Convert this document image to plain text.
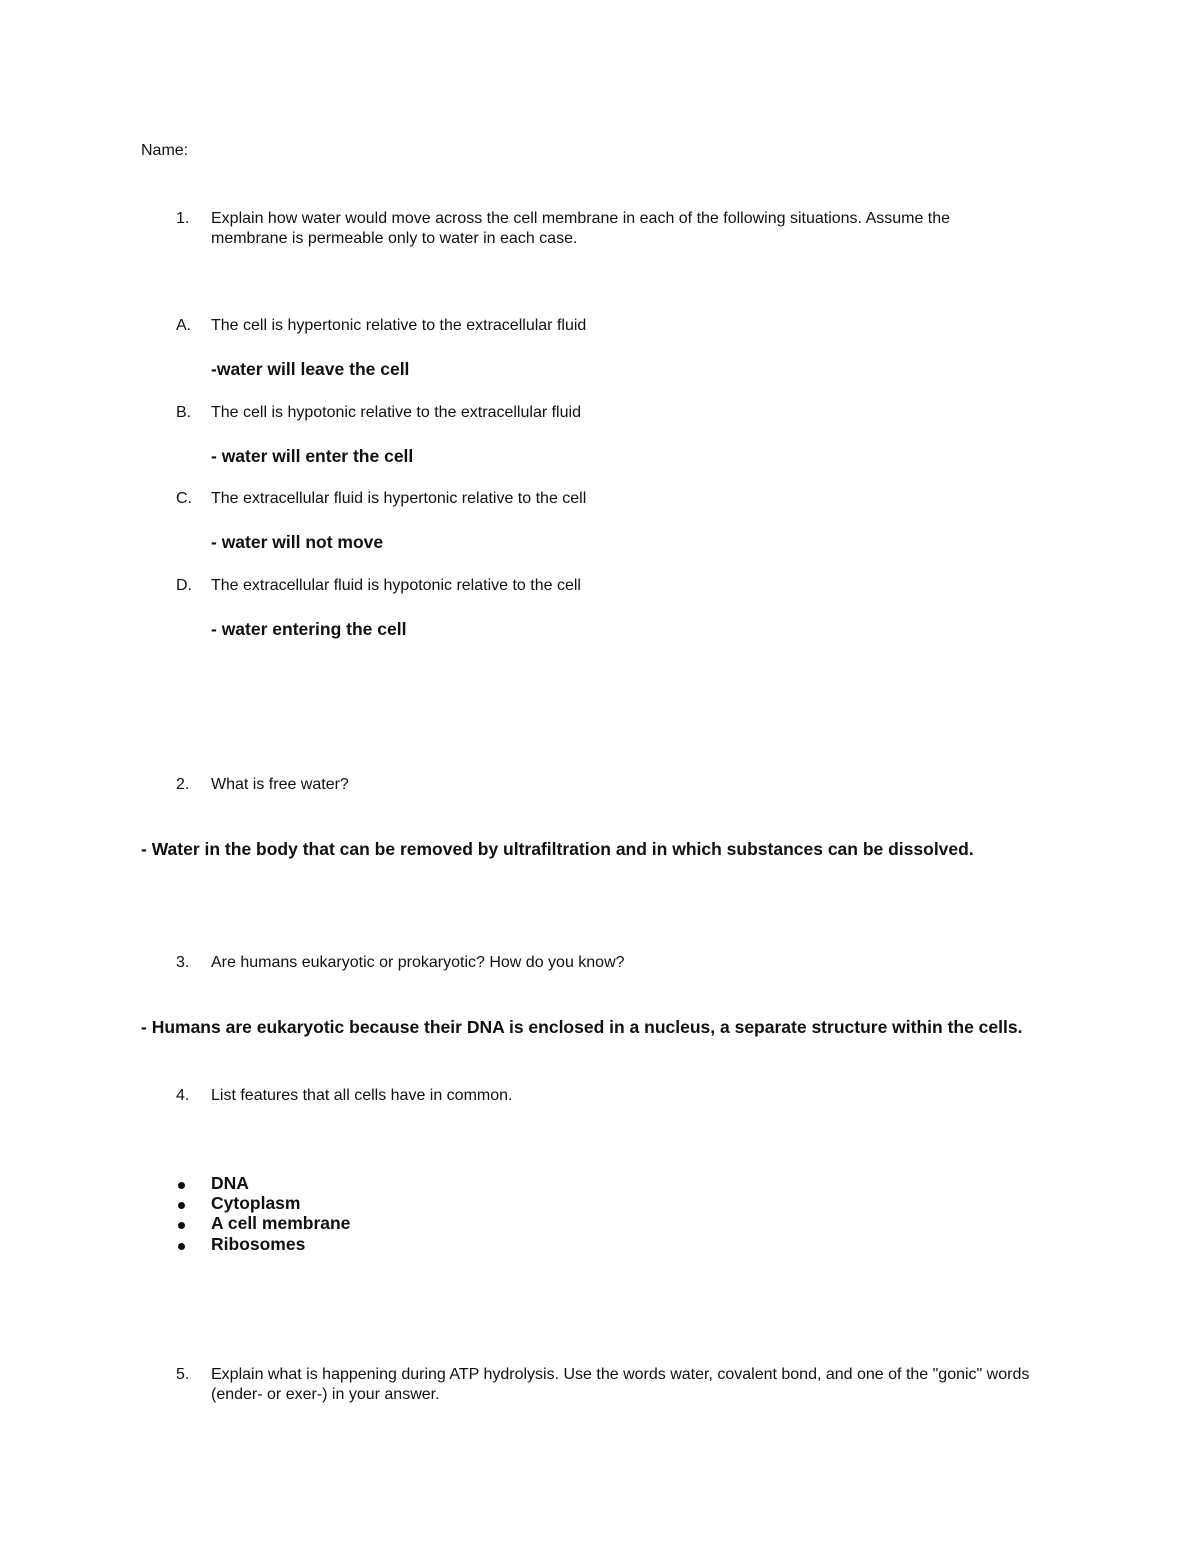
Name:
1. Explain how water would move across the cell membrane in each of the following situations. Assume the membrane is permeable only to water in each case.
A. The cell is hypertonic relative to the extracellular fluid
-water will leave the cell
B. The cell is hypotonic relative to the extracellular fluid
- water will enter the cell
C. The extracellular fluid is hypertonic relative to the cell
- water will not move
D. The extracellular fluid is hypotonic relative to the cell
- water entering the cell
2. What is free water?
- Water in the body that can be removed by ultrafiltration and in which substances can be dissolved.
3. Are humans eukaryotic or prokaryotic? How do you know?
- Humans are eukaryotic because their DNA is enclosed in a nucleus, a separate structure within the cells.
4. List features that all cells have in common.
DNA
Cytoplasm
A cell membrane
Ribosomes
5. Explain what is happening during ATP hydrolysis. Use the words water, covalent bond, and one of the "gonic" words (ender- or exer-) in your answer.
